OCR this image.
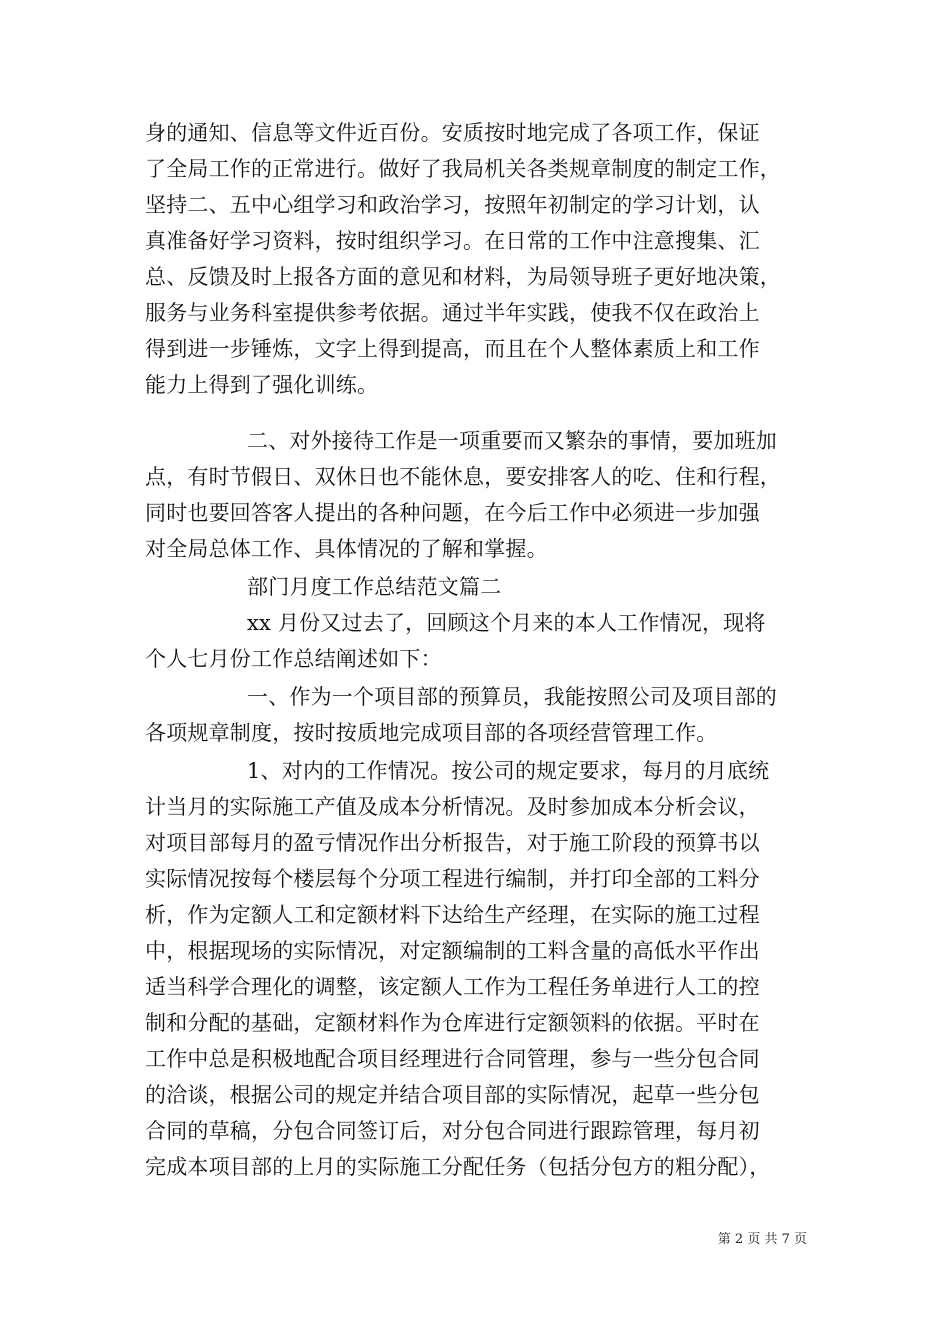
身的通知、信息等文件近百份。安质按时地完成了各项工作，保证
了全局工作的正常进行。做好了我局机关各类规章制度的制定工作，
坚持二、五中心组学习和政治学习，按照年初制定的学习计划，认
真准备好学习资料，按时组织学习。在日常的工作中注意搜集、汇
总、反馈及时上报各方面的意见和材料，为局领导班子更好地决策，
服务与业务科室提供参考依据。通过半年实践，使我不仅在政治上
得到进一步锤炼，文字上得到提高，而且在个人整体素质上和工作
能力上得到了强化训练。
二、对外接待工作是一项重要而又繁杂的事情，要加班加
点，有时节假日、双休日也不能休息，要安排客人的吃、住和行程，
同时也要回答客人提出的各种问题，在今后工作中必须进一步加强
对全局总体工作、具体情况的了解和掌握。
部门月度工作总结范文篇二
xx 月份又过去了，回顾这个月来的本人工作情况，现将
个人七月份工作总结阐述如下：
一、作为一个项目部的预算员，我能按照公司及项目部的
各项规章制度，按时按质地完成项目部的各项经营管理工作。
1、对内的工作情况。按公司的规定要求，每月的月底统
计当月的实际施工产值及成本分析情况。及时参加成本分析会议，
对项目部每月的盈亏情况作出分析报告，对于施工阶段的预算书以
实际情况按每个楼层每个分项工程进行编制，并打印全部的工料分
析，作为定额人工和定额材料下达给生产经理，在实际的施工过程
中，根据现场的实际情况，对定额编制的工料含量的高低水平作出
适当科学合理化的调整，该定额人工作为工程任务单进行人工的控
制和分配的基础，定额材料作为仓库进行定额领料的依据。平时在
工作中总是积极地配合项目经理进行合同管理，参与一些分包合同
的洽谈，根据公司的规定并结合项目部的实际情况，起草一些分包
合同的草稿，分包合同签订后，对分包合同进行跟踪管理，每月初
完成本项目部的上月的实际施工分配任务（包括分包方的粗分配），
第 2 页 共 7 页
